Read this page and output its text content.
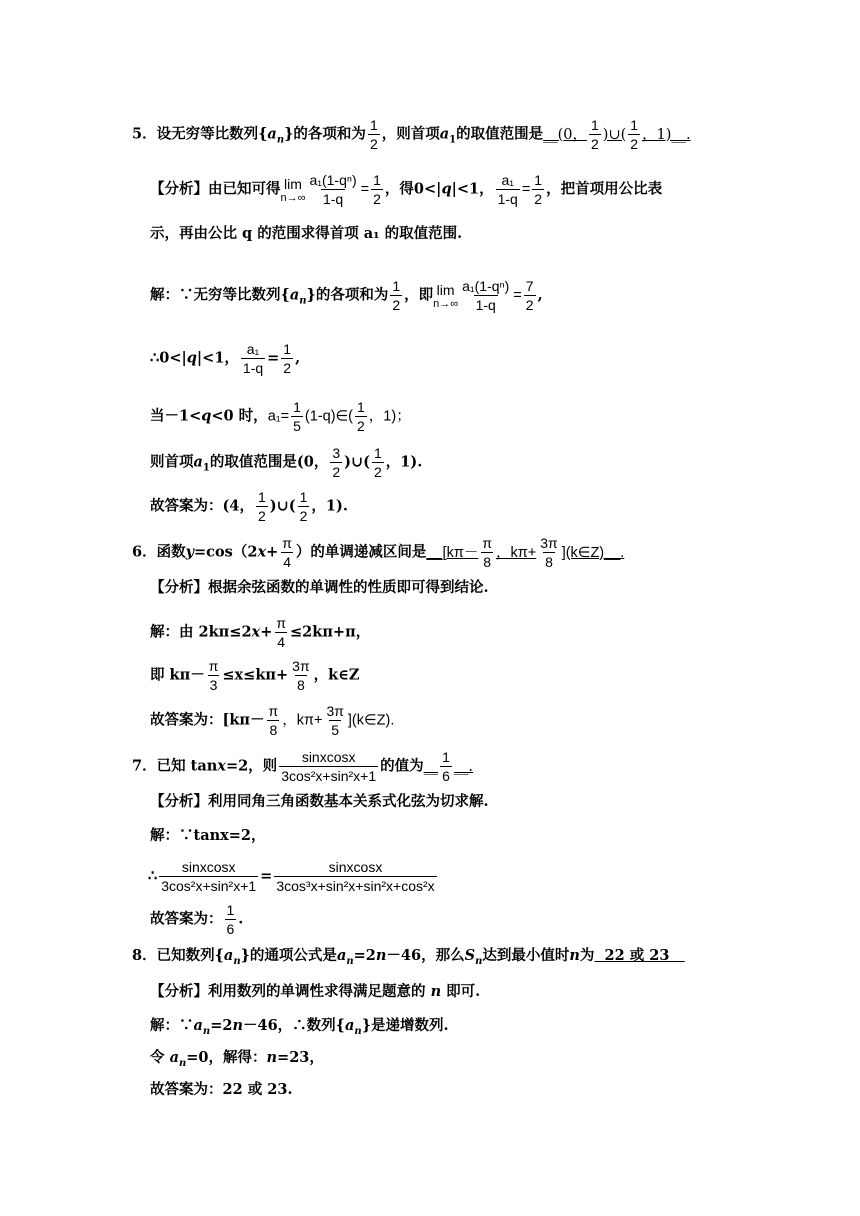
5．设无穷等比数列$\{a_n\}$的各项和为 $\frac{1}{2}$ ，则首项$a_1$的取值范围是__(0， $\frac{1}{2}$ )∪( $\frac{1}{2}$ ，1)__.
【分析】由已知可得 lim
$n\to\infty \frac{\text{a₁(1-qⁿ)}}{1-q} = \frac{1}{2}$ ，得0<|q|<1， $\frac{\text{a₁}}{1-q} = \frac{1}{2}$ ，把首项用公比表
示，再由公比 q 的范围求得首项 a₁ 的取值范围.
解：∵无穷等比数列$\{a_n\}$的各项和为 $\frac{1}{2}$ ，即 lim
$n\to\infty \frac{\text{a₁(1-qⁿ)}}{1-q} = \frac{7}{2}$ ,
∴0<|q|<1， $\frac{\text{a₁}}{1-q} = \frac{1}{2}$ ,
当－1<q<0 时，$a_1= \frac{1}{5}$ (1-q)∈( $\frac{1}{2}$ ，1)；
则首项$a_1$的取值范围是(0， $\frac{3}{2}$ )∪( $\frac{1}{2}$ ，1).
故答案为：(4， $\frac{1}{2}$ )∪( $\frac{1}{2}$ ，1).
6．函数$y=\cos(2x+ \frac{\pi}{4}$ ）的单调递减区间是__[kπ－ $\frac{\pi}{8}$ ，$k\pi+ \frac{3\pi}{8}$ ](k∈Z)__.
【分析】根据余弦函数的单调性的性质即可得到结论.
解：由 $2k\pi\le 2x+ \frac{\pi}{4} \le 2k\pi+\pi$，
即 $k\pi- \frac{\pi}{3} \le x\le k\pi+ \frac{3\pi}{8}$ ，k∈Z
故答案为：[$k\pi- \frac{\pi}{8}$ ，$k\pi+ \frac{3\pi}{5}$ ](k∈Z).
7．已知 tanx=2，则 $\frac{\text{sinxcosx}}{\text{3cos²x+sin²x+1}}$ 的值为__ $\frac{1}{6}$ __.
【分析】利用同角三角函数基本关系式化弦为切求解.
解：∵tanx=2，
∴ $\frac{\text{sinxcosx}}{\text{3cos²x+sin²x+1}} = \frac{\text{sinxcosx}}{\text{3cos³x+sin²x+sin²x+cos²x}}$
故答案为： $\frac{1}{6}$ .
8．已知数列$\{a_n\}$的通项公式是$a_n=2n-46$，那么$S_n$达到最小值时n为  22 或 23
【分析】利用数列的单调性求得满足题意的 n 即可.
解：$\because a_n=2n-46$，∴数列$\{a_n\}$是递增数列.
令 $a_n=0$，解得：n=23，
故答案为：22 或 23.
